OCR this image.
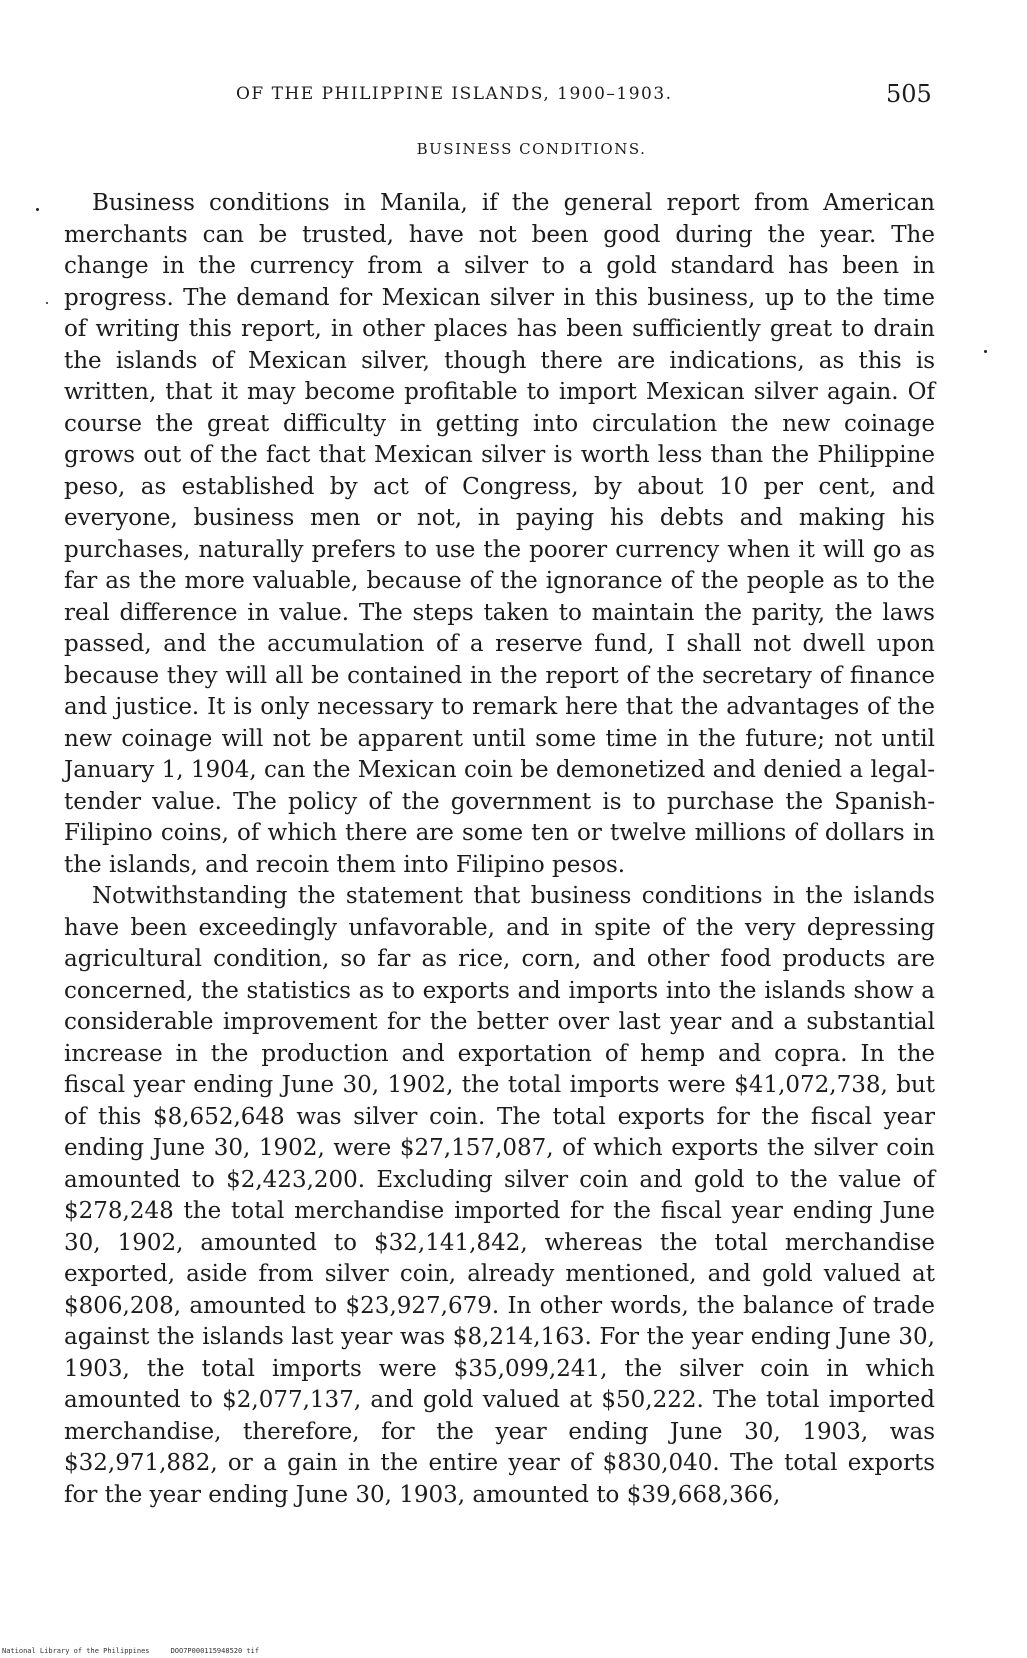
OF THE PHILIPPINE ISLANDS, 1900–1903.	505
BUSINESS CONDITIONS.

Business conditions in Manila, if the general report from American merchants can be trusted, have not been good during the year. The change in the currency from a silver to a gold standard has been in progress. The demand for Mexican silver in this business, up to the time of writing this report, in other places has been sufficiently great to drain the islands of Mexican silver, though there are indications, as this is written, that it may become profitable to import Mexican silver again. Of course the great difficulty in getting into circulation the new coinage grows out of the fact that Mexican silver is worth less than the Philippine peso, as established by act of Congress, by about 10 per cent, and everyone, business men or not, in paying his debts and making his purchases, naturally prefers to use the poorer currency when it will go as far as the more valuable, because of the ignorance of the people as to the real difference in value. The steps taken to maintain the parity, the laws passed, and the accumulation of a reserve fund, I shall not dwell upon because they will all be contained in the report of the secretary of finance and justice. It is only necessary to remark here that the advantages of the new coinage will not be apparent until some time in the future; not until January 1, 1904, can the Mexican coin be demonetized and denied a legal-tender value. The policy of the government is to purchase the Spanish-Filipino coins, of which there are some ten or twelve millions of dollars in the islands, and recoin them into Filipino pesos.

Notwithstanding the statement that business conditions in the islands have been exceedingly unfavorable, and in spite of the very depressing agricultural condition, so far as rice, corn, and other food products are concerned, the statistics as to exports and imports into the islands show a considerable improvement for the better over last year and a substantial increase in the production and exportation of hemp and copra. In the fiscal year ending June 30, 1902, the total imports were $41,072,738, but of this $8,652,648 was silver coin. The total exports for the fiscal year ending June 30, 1902, were $27,157,087, of which exports the silver coin amounted to $2,423,200. Excluding silver coin and gold to the value of $278,248 the total merchandise imported for the fiscal year ending June 30, 1902, amounted to $32,141,842, whereas the total merchandise exported, aside from silver coin, already mentioned, and gold valued at $806,208, amounted to $23,927,679. In other words, the balance of trade against the islands last year was $8,214,163. For the year ending June 30, 1903, the total imports were $35,099,241, the silver coin in which amounted to $2,077,137, and gold valued at $50,222. The total imported merchandise, therefore, for the year ending June 30, 1903, was $32,971,882, or a gain in the entire year of $830,040. The total exports for the year ending June 30, 1903, amounted to $39,668,366,

National Library of the Philippines     DOO7P000115948520 tif
